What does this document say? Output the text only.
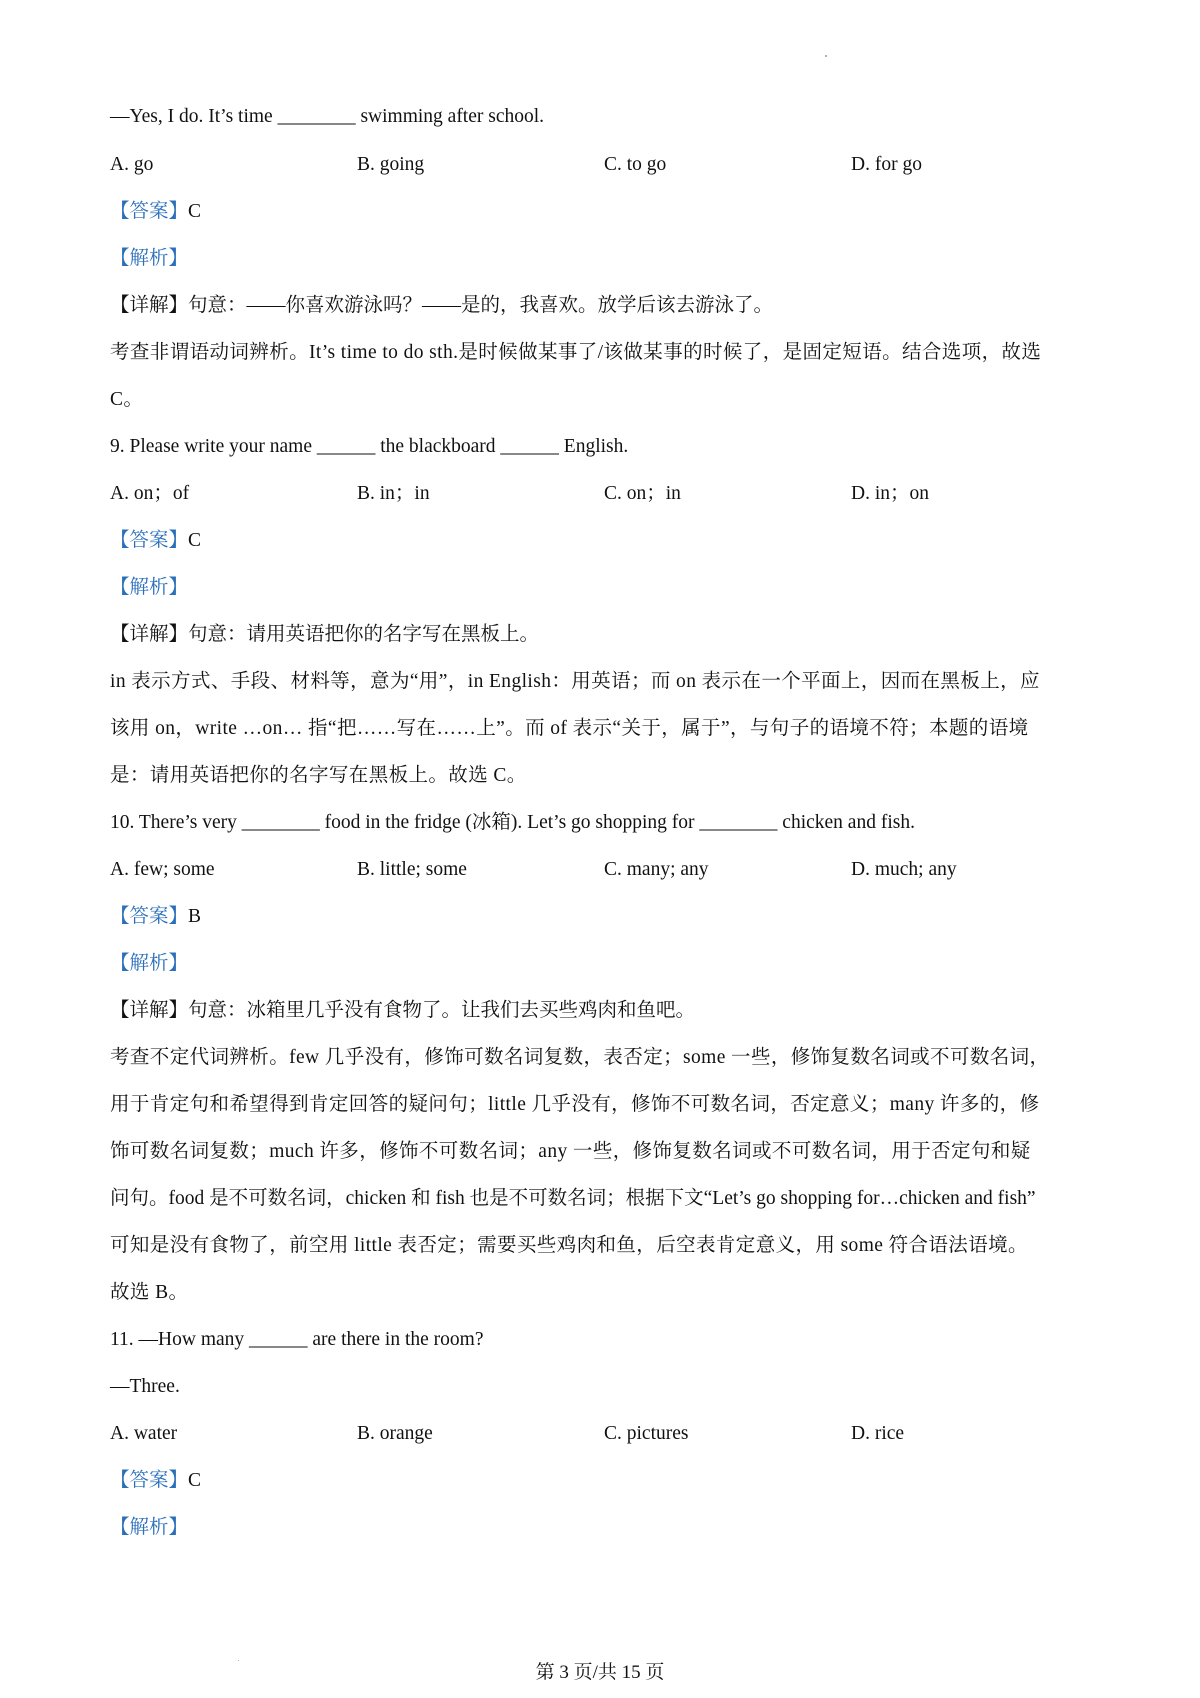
—Yes, I do. It’s time ________ swimming after school.
A. go	B. going	C. to go	D. for go
【答案】C
【解析】
【详解】句意：——你喜欢游泳吗？——是的，我喜欢。放学后该去游泳了。
考查非谓语动词辨析。It’s time to do sth.是时候做某事了/该做某事的时候了，是固定短语。结合选项，故选
C。
9. Please write your name ______ the blackboard ______ English.
A. on；of	B. in；in	C. on；in	D. in；on
【答案】C
【解析】
【详解】句意：请用英语把你的名字写在黑板上。
in 表示方式、手段、材料等，意为“用”，in English：用英语；而 on 表示在一个平面上，因而在黑板上，应
该用 on，write …on… 指“把……写在……上”。而 of 表示“关于，属于”，与句子的语境不符；本题的语境
是：请用英语把你的名字写在黑板上。故选 C。
10. There’s very ________ food in the fridge (冰箱). Let’s go shopping for ________ chicken and fish.
A. few; some	B. little; some	C. many; any	D. much; any
【答案】B
【解析】
【详解】句意：冰箱里几乎没有食物了。让我们去买些鸡肉和鱼吧。
考查不定代词辨析。few 几乎没有，修饰可数名词复数，表否定；some 一些，修饰复数名词或不可数名词，
用于肯定句和希望得到肯定回答的疑问句；little 几乎没有，修饰不可数名词，否定意义；many 许多的，修
饰可数名词复数；much 许多，修饰不可数名词；any 一些，修饰复数名词或不可数名词，用于否定句和疑
问句。food 是不可数名词，chicken 和 fish 也是不可数名词；根据下文“Let’s go shopping for…chicken and fish”
可知是没有食物了，前空用 little 表否定；需要买些鸡肉和鱼，后空表肯定意义，用 some 符合语法语境。
故选 B。
11. —How many ______ are there in the room?
—Three.
A. water	B. orange	C. pictures	D. rice
【答案】C
【解析】
第 3 页/共 15 页
